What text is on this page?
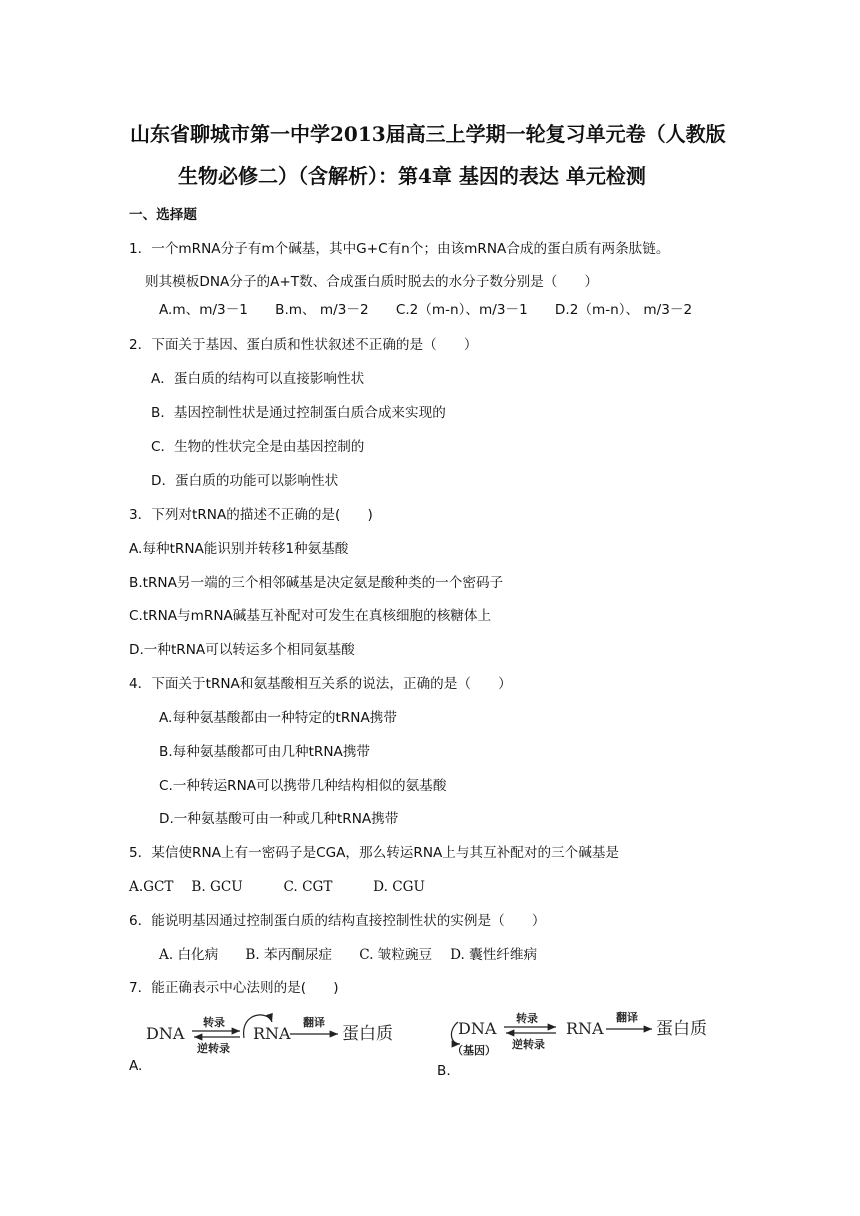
山东省聊城市第一中学2013届高三上学期一轮复习单元卷（人教版
生物必修二）（含解析）：第4章 基因的表达 单元检测
一、选择题
1．一个mRNA分子有m个碱基，其中G+C有n个；由该mRNA合成的蛋白质有两条肽链。
则其模板DNA分子的A+T数、合成蛋白质时脱去的水分子数分别是（　　）
A.m、m/3－1　　B.m、 m/3－2　　C.2（m-n）、m/3－1　　D.2（m-n）、 m/3－2
2．下面关于基因、蛋白质和性状叙述不正确的是（　　）
A．蛋白质的结构可以直接影响性状
B．基因控制性状是通过控制蛋白质合成来实现的
C．生物的性状完全是由基因控制的
D．蛋白质的功能可以影响性状
3．下列对tRNA的描述不正确的是(　　)
A.每种tRNA能识别并转移1种氨基酸
B.tRNA另一端的三个相邻碱基是决定氨是酸种类的一个密码子
C.tRNA与mRNA碱基互补配对可发生在真核细胞的核糖体上
D.一种tRNA可以转运多个相同氨基酸
4．下面关于tRNA和氨基酸相互关系的说法，正确的是（　　）
A.每种氨基酸都由一种特定的tRNA携带
B.每种氨基酸都可由几种tRNA携带
C.一种转运RNA可以携带几种结构相似的氨基酸
D.一种氨基酸可由一种或几种tRNA携带
5．某信使RNA上有一密码子是CGA，那么转运RNA上与其互补配对的三个碱基是
A.GCT　 B. GCU　　　C. CGT　　　D. CGU
6．能说明基因通过控制蛋白质的结构直接控制性状的实例是（　　）
A. 白化病　　B. 苯丙酮尿症　　C. 皱粒豌豆　 D. 囊性纤维病
7．能正确表示中心法则的是(　　)
A.	B.
DNA
转录
逆转录
RNA
翻译
蛋白质	DNA
（基因）
转录
逆转录
RNA
翻译
蛋白质
